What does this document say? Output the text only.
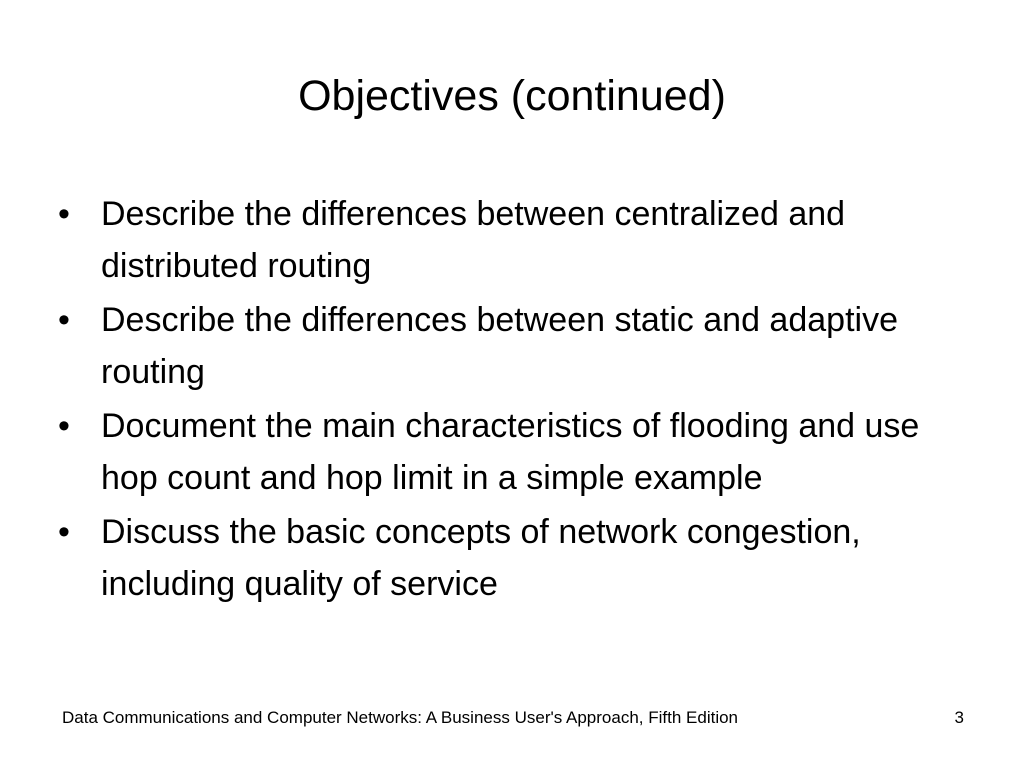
Objectives (continued)
• Describe the differences between centralized and distributed routing
• Describe the differences between static and adaptive routing
• Document the main characteristics of flooding and use hop count and hop limit in a simple example
• Discuss the basic concepts of network congestion, including quality of service
Data Communications and Computer Networks: A Business User's Approach, Fifth Edition	3
